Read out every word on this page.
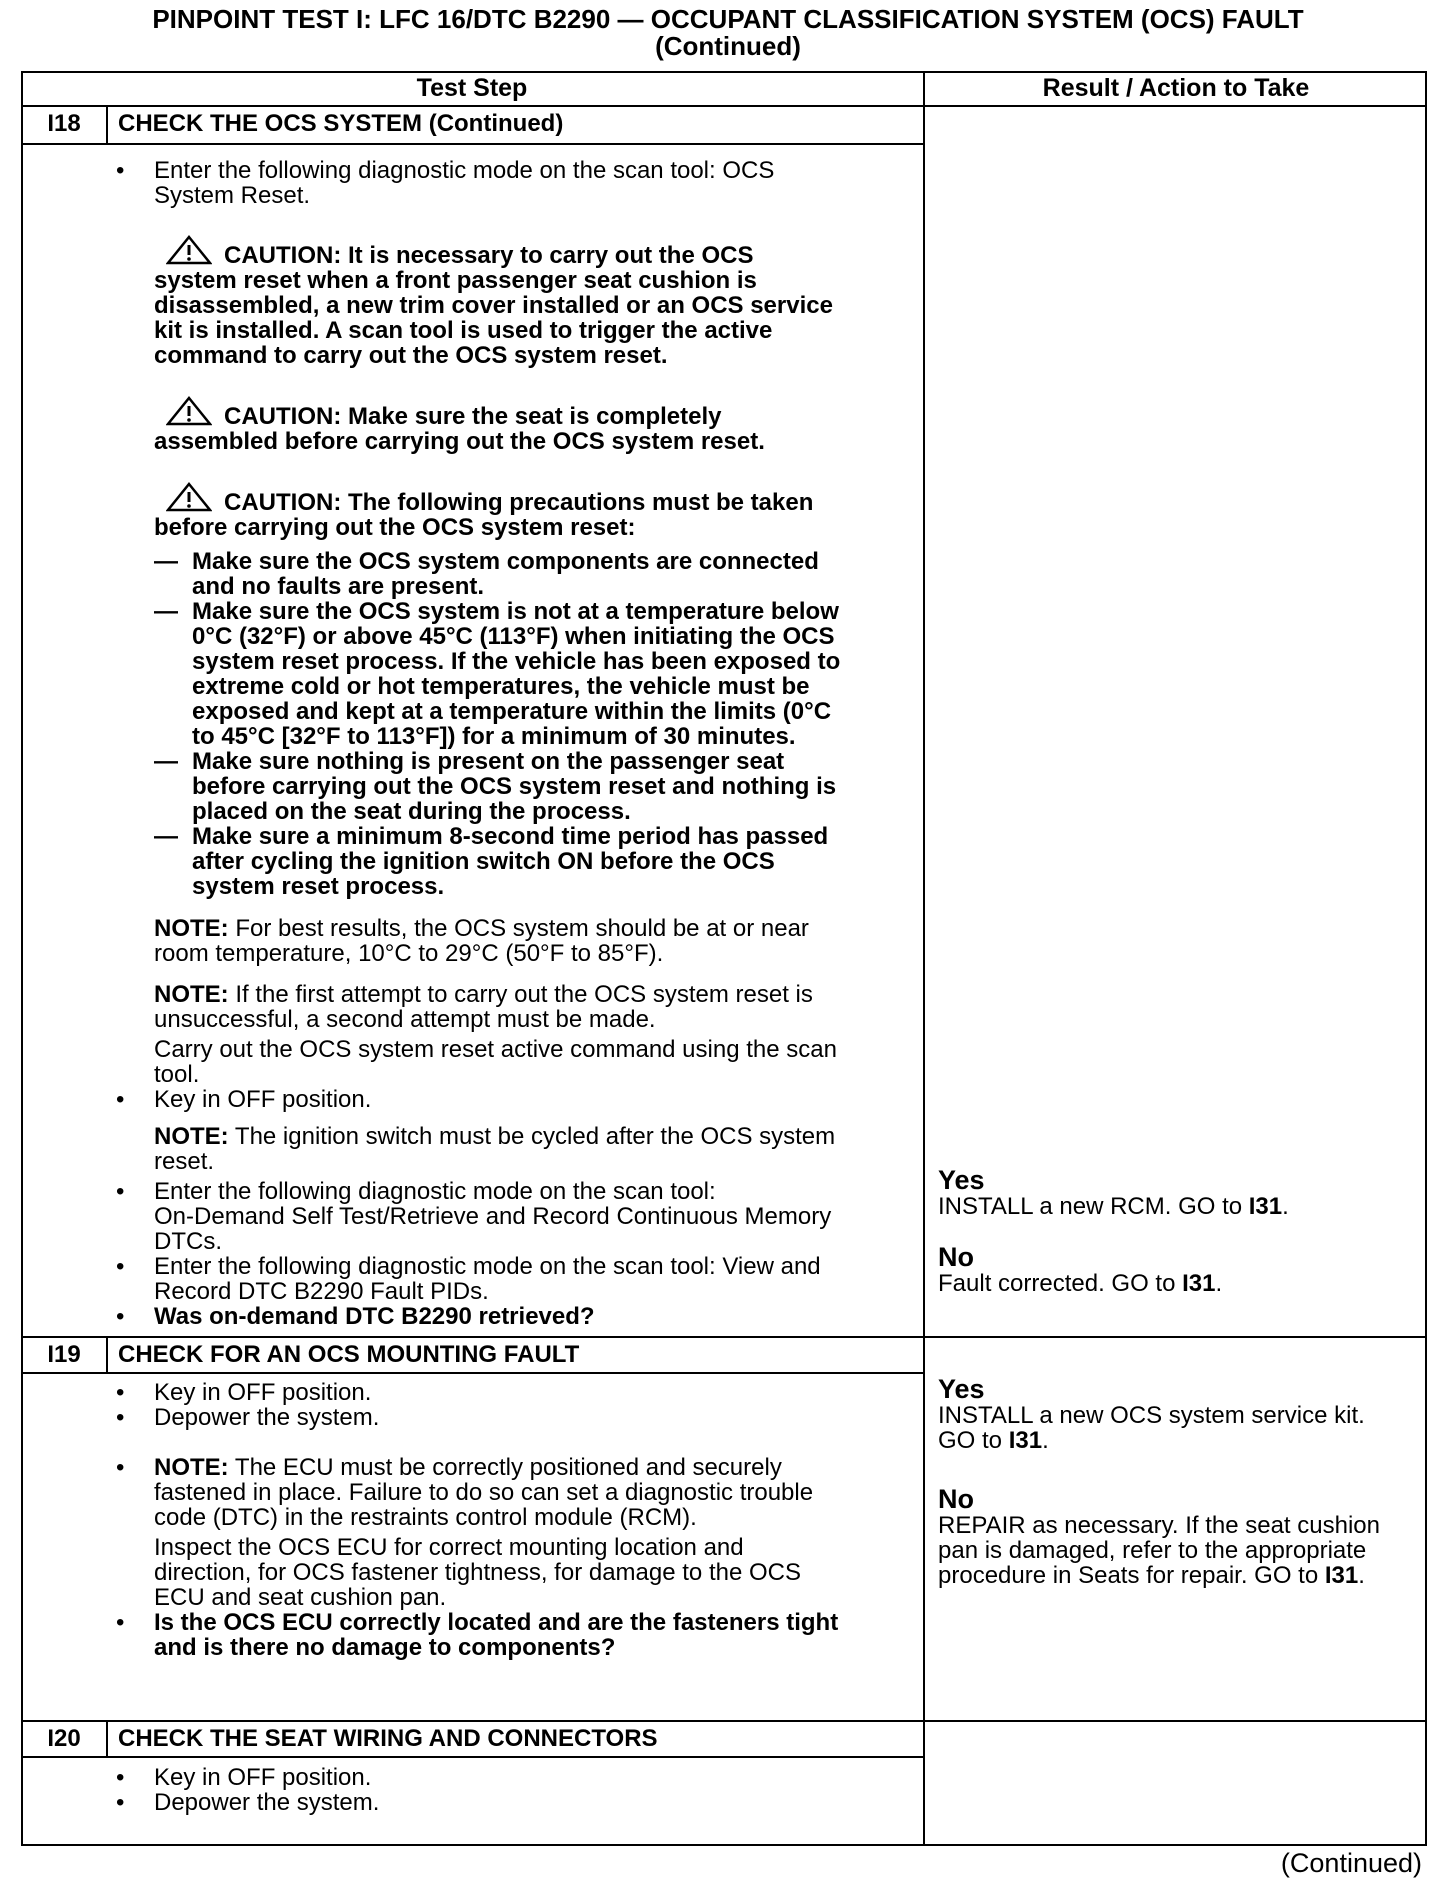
PINPOINT TEST I: LFC 16/DTC B2290 — OCCUPANT CLASSIFICATION SYSTEM (OCS) FAULT
(Continued)
Test Step	Result / Action to Take
I18	CHECK THE OCS SYSTEM (Continued)
• Enter the following diagnostic mode on the scan tool: OCS
System Reset.
CAUTION: It is necessary to carry out the OCS
system reset when a front passenger seat cushion is
disassembled, a new trim cover installed or an OCS service
kit is installed. A scan tool is used to trigger the active
command to carry out the OCS system reset.
CAUTION: Make sure the seat is completely
assembled before carrying out the OCS system reset.
CAUTION: The following precautions must be taken
before carrying out the OCS system reset:
— Make sure the OCS system components are connected
and no faults are present.
— Make sure the OCS system is not at a temperature below
0°C (32°F) or above 45°C (113°F) when initiating the OCS
system reset process. If the vehicle has been exposed to
extreme cold or hot temperatures, the vehicle must be
exposed and kept at a temperature within the limits (0°C
to 45°C [32°F to 113°F]) for a minimum of 30 minutes.
— Make sure nothing is present on the passenger seat
before carrying out the OCS system reset and nothing is
placed on the seat during the process.
— Make sure a minimum 8-second time period has passed
after cycling the ignition switch ON before the OCS
system reset process.
NOTE: For best results, the OCS system should be at or near
room temperature, 10°C to 29°C (50°F to 85°F).
NOTE: If the first attempt to carry out the OCS system reset is
unsuccessful, a second attempt must be made.
Carry out the OCS system reset active command using the scan
tool.
• Key in OFF position.
NOTE: The ignition switch must be cycled after the OCS system
reset.
• Enter the following diagnostic mode on the scan tool:
On-Demand Self Test/Retrieve and Record Continuous Memory
DTCs.
• Enter the following diagnostic mode on the scan tool: View and
Record DTC B2290 Fault PIDs.
• Was on-demand DTC B2290 retrieved?
Yes
INSTALL a new RCM. GO to I31.
No
Fault corrected. GO to I31.
I19	CHECK FOR AN OCS MOUNTING FAULT
• Key in OFF position.
• Depower the system.
• NOTE: The ECU must be correctly positioned and securely
fastened in place. Failure to do so can set a diagnostic trouble
code (DTC) in the restraints control module (RCM).
Inspect the OCS ECU for correct mounting location and
direction, for OCS fastener tightness, for damage to the OCS
ECU and seat cushion pan.
• Is the OCS ECU correctly located and are the fasteners tight
and is there no damage to components?
Yes
INSTALL a new OCS system service kit.
GO to I31.
No
REPAIR as necessary. If the seat cushion
pan is damaged, refer to the appropriate
procedure in Seats for repair. GO to I31.
I20	CHECK THE SEAT WIRING AND CONNECTORS
• Key in OFF position.
• Depower the system.
(Continued)
